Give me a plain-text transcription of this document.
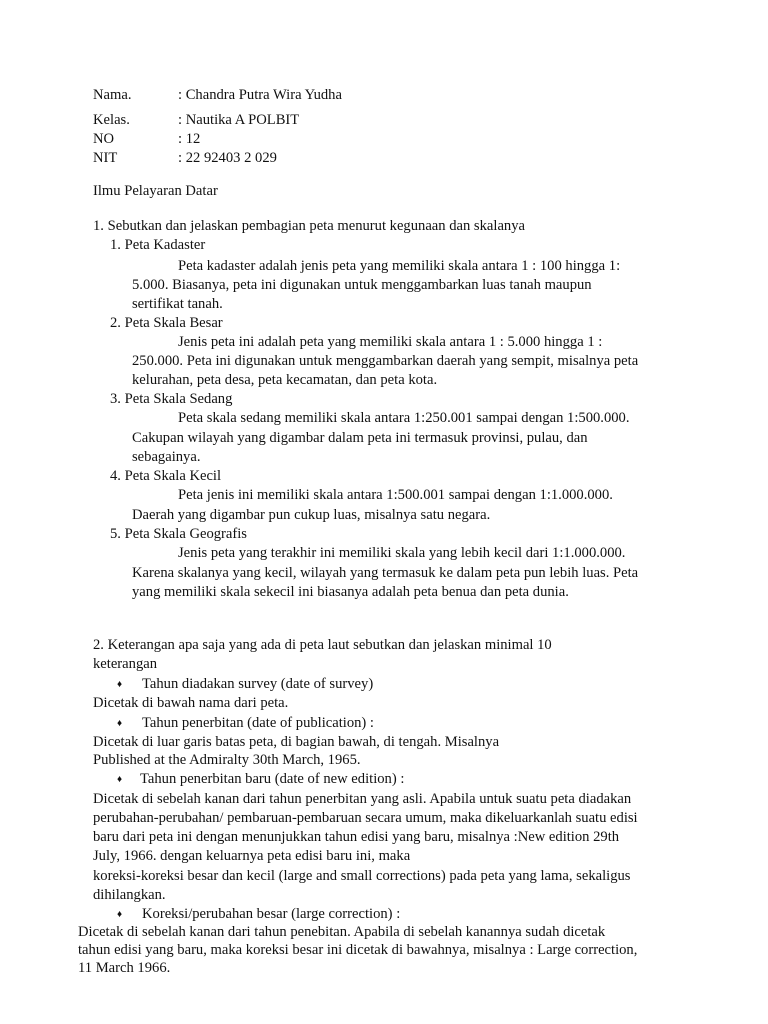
Nama.	: Chandra Putra Wira Yudha
Kelas.	: Nautika A POLBIT
NO	: 12
NIT	: 22 92403 2 029
Ilmu Pelayaran Datar
1. Sebutkan dan jelaskan pembagian peta menurut kegunaan dan skalanya
1. Peta Kadaster
Peta kadaster adalah jenis peta yang memiliki skala antara 1 : 100 hingga 1:
5.000. Biasanya, peta ini digunakan untuk menggambarkan luas tanah maupun
sertifikat tanah.
2. Peta Skala Besar
Jenis peta ini adalah peta yang memiliki skala antara 1 : 5.000 hingga 1 :
250.000. Peta ini digunakan untuk menggambarkan daerah yang sempit, misalnya peta
kelurahan, peta desa, peta kecamatan, dan peta kota.
3. Peta Skala Sedang
Peta skala sedang memiliki skala antara 1:250.001 sampai dengan 1:500.000.
Cakupan wilayah yang digambar dalam peta ini termasuk provinsi, pulau, dan
sebagainya.
4. Peta Skala Kecil
Peta jenis ini memiliki skala antara 1:500.001 sampai dengan 1:1.000.000.
Daerah yang digambar pun cukup luas, misalnya satu negara.
5. Peta Skala Geografis
Jenis peta yang terakhir ini memiliki skala yang lebih kecil dari 1:1.000.000.
Karena skalanya yang kecil, wilayah yang termasuk ke dalam peta pun lebih luas. Peta
yang memiliki skala sekecil ini biasanya adalah peta benua dan peta dunia.
2. Keterangan apa saja yang ada di peta laut sebutkan dan jelaskan minimal 10
keterangan
♦ Tahun diadakan survey (date of survey)
Dicetak di bawah nama dari peta.
♦ Tahun penerbitan (date of publication) :
Dicetak di luar garis batas peta, di bagian bawah, di tengah. Misalnya
Published at the Admiralty 30th March, 1965.
♦ Tahun penerbitan baru (date of new edition) :
Dicetak di sebelah kanan dari tahun penerbitan yang asli. Apabila untuk suatu peta diadakan
perubahan-perubahan/ pembaruan-pembaruan secara umum, maka dikeluarkanlah suatu edisi
baru dari peta ini dengan menunjukkan tahun edisi yang baru, misalnya :New edition 29th
July, 1966. dengan keluarnya peta edisi baru ini, maka
koreksi-koreksi besar dan kecil (large and small corrections) pada peta yang lama, sekaligus
dihilangkan.
♦ Koreksi/perubahan besar (large correction) :
Dicetak di sebelah kanan dari tahun penebitan. Apabila di sebelah kanannya sudah dicetak
tahun edisi yang baru, maka koreksi besar ini dicetak di bawahnya, misalnya : Large correction,
11 March 1966.
